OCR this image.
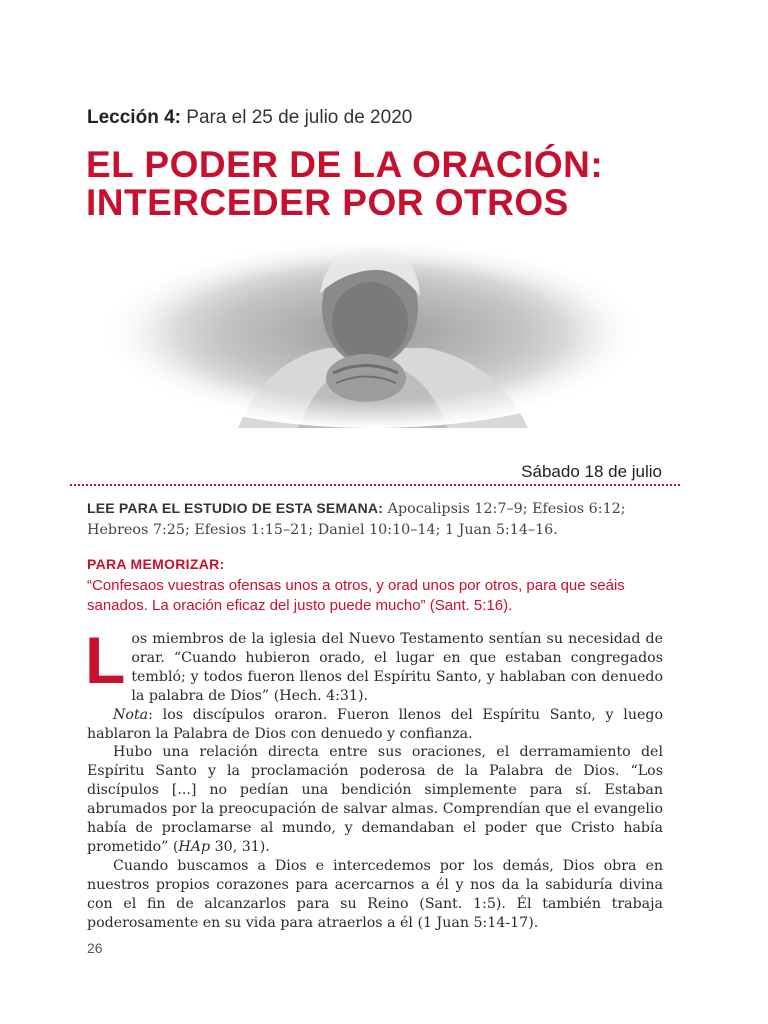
Lección 4: Para el 25 de julio de 2020
EL PODER DE LA ORACIÓN:
INTERCEDER POR OTROS
Sábado 18 de julio
LEE PARA EL ESTUDIO DE ESTA SEMANA: Apocalipsis 12:7–9; Efesios 6:12; Hebreos 7:25; Efesios 1:15–21; Daniel 10:10–14; 1 Juan 5:14–16.
PARA MEMORIZAR:
“Confesaos vuestras ofensas unos a otros, y orad unos por otros, para que seáis sanados. La oración eficaz del justo puede mucho” (Sant. 5:16).

Los miembros de la iglesia del Nuevo Testamento sentían su necesidad de orar. “Cuando hubieron orado, el lugar en que estaban congregados tembló; y todos fueron llenos del Espíritu Santo, y hablaban con denuedo la palabra de Dios” (Hech. 4:31).

Nota: los discípulos oraron. Fueron llenos del Espíritu Santo, y luego hablaron la Palabra de Dios con denuedo y confianza.

Hubo una relación directa entre sus oraciones, el derramamiento del Espíritu Santo y la proclamación poderosa de la Palabra de Dios. “Los discípulos [...] no pedían una bendición simplemente para sí. Estaban abrumados por la preocupación de salvar almas. Comprendían que el evangelio había de proclamarse al mundo, y demandaban el poder que Cristo había prometido” (HAp 30, 31).

Cuando buscamos a Dios e intercedemos por los demás, Dios obra en nuestros propios corazones para acercarnos a él y nos da la sabiduría divina con el fin de alcanzarlos para su Reino (Sant. 1:5). Él también trabaja poderosamente en su vida para atraerlos a él (1 Juan 5:14-17).

26
